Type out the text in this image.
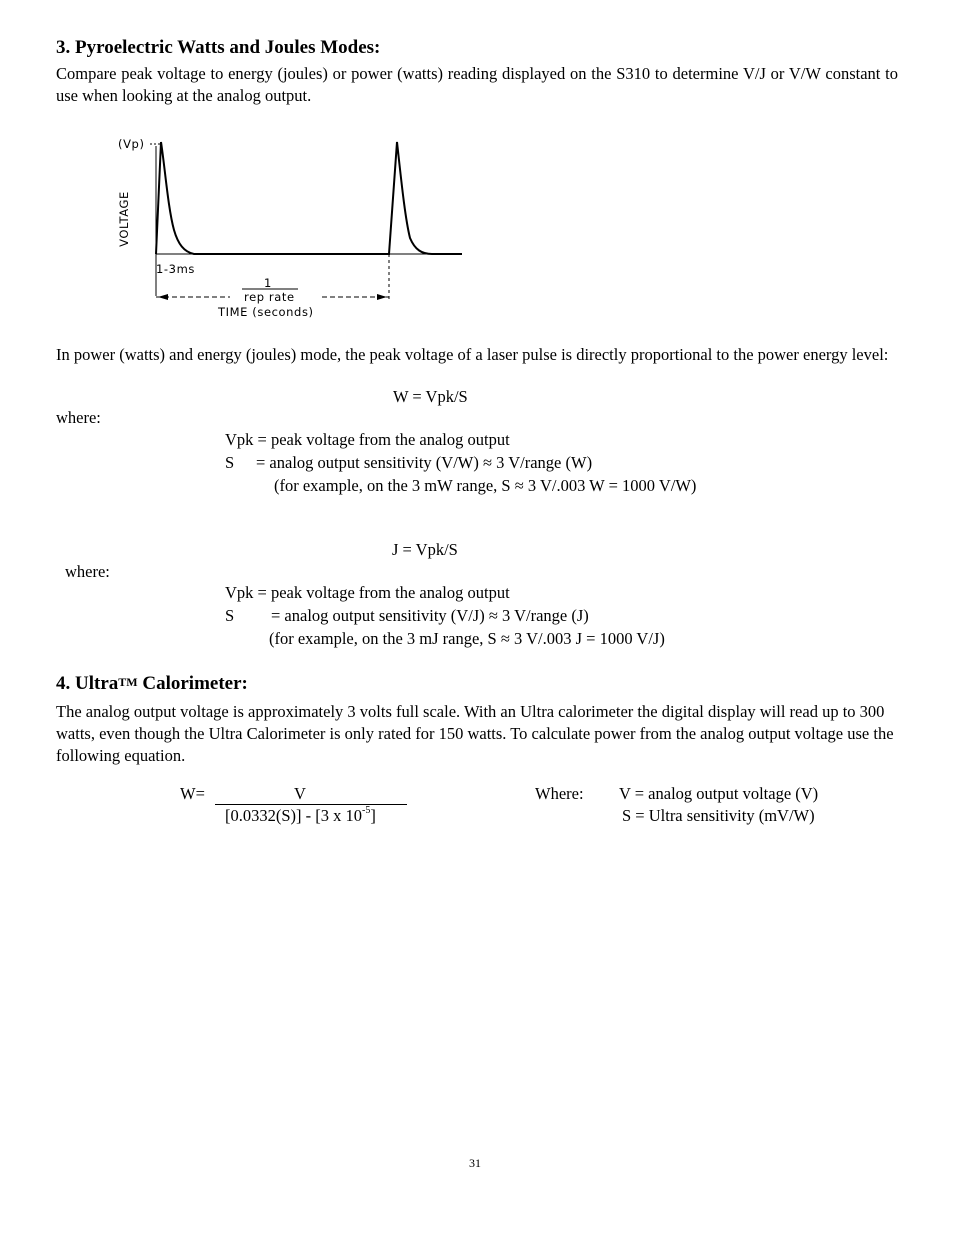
3. Pyroelectric Watts and Joules Modes:

Compare peak voltage to energy (joules) or power (watts) reading displayed on the S310 to determine V/J or V/W constant to use when looking at the analog output.

(Vp)
VOLTAGE
1-3ms
1
rep rate
TIME (seconds)

In power (watts) and energy (joules) mode, the peak voltage of a laser pulse is directly proportional to the power energy level:

W = Vpk/S
where:
Vpk = peak voltage from the analog output
S = analog output sensitivity (V/W) ≈ 3 V/range (W)
(for example, on the 3 mW range, S ≈ 3 V/.003 W = 1000 V/W)
J = Vpk/S
where:
Vpk = peak voltage from the analog output
S = analog output sensitivity (V/J) ≈ 3 V/range (J)
(for example, on the 3 mJ range, S ≈ 3 V/.003 J = 1000 V/J)
4. UltraTM Calorimeter:

The analog output voltage is approximately 3 volts full scale. With an Ultra calorimeter the digital display will read up to 300 watts, even though the Ultra Calorimeter is only rated for 150 watts. To calculate power from the analog output voltage use the following equation.

W=	V
[0.0332(S)] - [3 x $10^{-5}$]
Where: V = analog output voltage (V)
S = Ultra sensitivity (mV/W)
31
